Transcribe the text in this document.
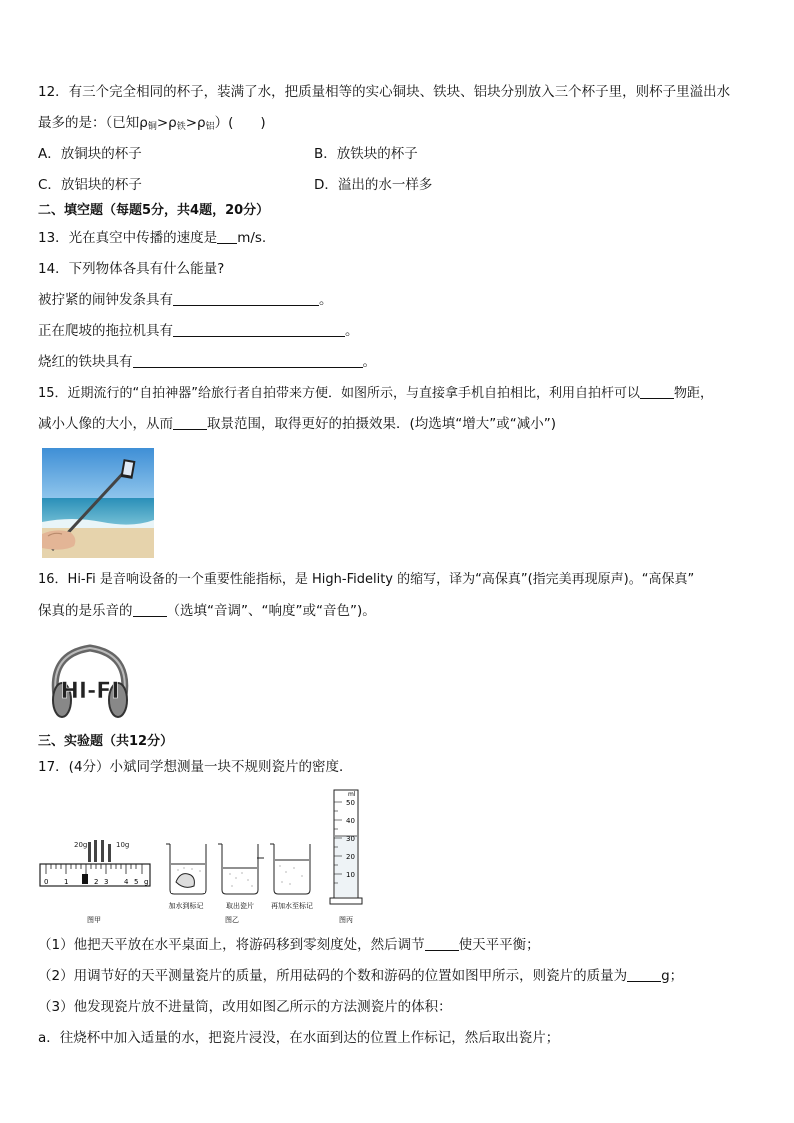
12．有三个完全相同的杯子，装满了水，把质量相等的实心铜块、铁块、铝块分别放入三个杯子里，则杯子里溢出水
最多的是：（已知$\rho_铜>\rho_铁>\rho_铝$）(　　)
A．放铜块的杯子	B．放铁块的杯子
C．放铝块的杯子	D．溢出的水一样多
二、填空题（每题5分，共4题，20分）
13．光在真空中传播的速度是 m/s.
14．下列物体各具有什么能量?
被拧紧的闹钟发条具有	。
正在爬坡的拖拉机具有	。
烧红的铁块具有	。
15．近期流行的“自拍神器”给旅行者自拍带来方便．如图所示，与直接拿手机自拍相比，利用自拍杆可以	物距，
减小人像的大小，从而	取景范围，取得更好的拍摄效果．(均选填“增大”或“减小”)
16．Hi-Fi 是音响设备的一个重要性能指标，是 High-Fidelity 的缩写，译为“高保真”(指完美再现原声)。“高保真”
保真的是乐音的	（选填“音调”、“响度”或“音色”)。
HI-FI
三、实验题（共12分）
17．(4分）小斌同学想测量一块不规则瓷片的密度．
20g	10g
0 1	2 3 4 5 g
图甲
加水到标记	取出瓷片 再加水至标记
图乙
ml
50
40
30
20
10
图丙
（1）他把天平放在水平桌面上，将游码移到零刻度处，然后调节	使天平平衡；
（2）用调节好的天平测量瓷片的质量，所用砝码的个数和游码的位置如图甲所示，则瓷片的质量为	g；
（3）他发现瓷片放不进量筒，改用如图乙所示的方法测瓷片的体积：
a．往烧杯中加入适量的水，把瓷片浸没，在水面到达的位置上作标记，然后取出瓷片；
